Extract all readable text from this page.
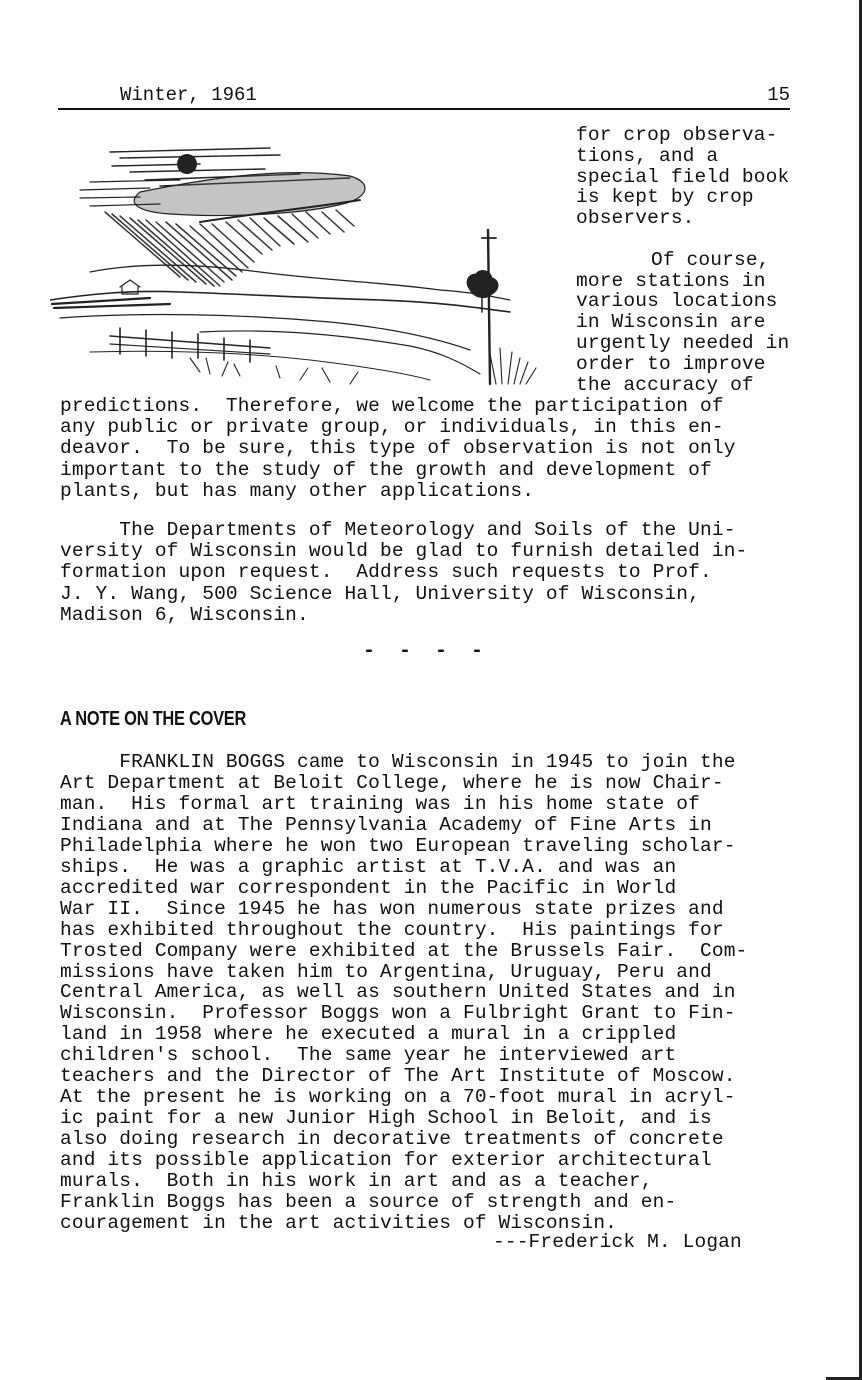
Winter, 1961	15
for crop observa-
tions, and a
special field book
is kept by crop
observers.
Of course,
more stations in
various locations
in Wisconsin are
urgently needed in
order to improve
the accuracy of
predictions.  Therefore, we welcome the participation of
any public or private group, or individuals, in this en-
deavor.  To be sure, this type of observation is not only
important to the study of the growth and development of
plants, but has many other applications.
The Departments of Meteorology and Soils of the Uni-
versity of Wisconsin would be glad to furnish detailed in-
formation upon request.  Address such requests to Prof.
J. Y. Wang, 500 Science Hall, University of Wisconsin,
Madison 6, Wisconsin.
- - - -
A NOTE ON THE COVER
FRANKLIN BOGGS came to Wisconsin in 1945 to join the
Art Department at Beloit College, where he is now Chair-
man.  His formal art training was in his home state of
Indiana and at The Pennsylvania Academy of Fine Arts in
Philadelphia where he won two European traveling scholar-
ships.  He was a graphic artist at T.V.A. and was an
accredited war correspondent in the Pacific in World
War II.  Since 1945 he has won numerous state prizes and
has exhibited throughout the country.  His paintings for
Trosted Company were exhibited at the Brussels Fair.  Com-
missions have taken him to Argentina, Uruguay, Peru and
Central America, as well as southern United States and in
Wisconsin.  Professor Boggs won a Fulbright Grant to Fin-
land in 1958 where he executed a mural in a crippled
children's school.  The same year he interviewed art
teachers and the Director of The Art Institute of Moscow.
At the present he is working on a 70-foot mural in acryl-
ic paint for a new Junior High School in Beloit, and is
also doing research in decorative treatments of concrete
and its possible application for exterior architectural
murals.  Both in his work in art and as a teacher,
Franklin Boggs has been a source of strength and en-
couragement in the art activities of Wisconsin.
---Frederick M. Logan
